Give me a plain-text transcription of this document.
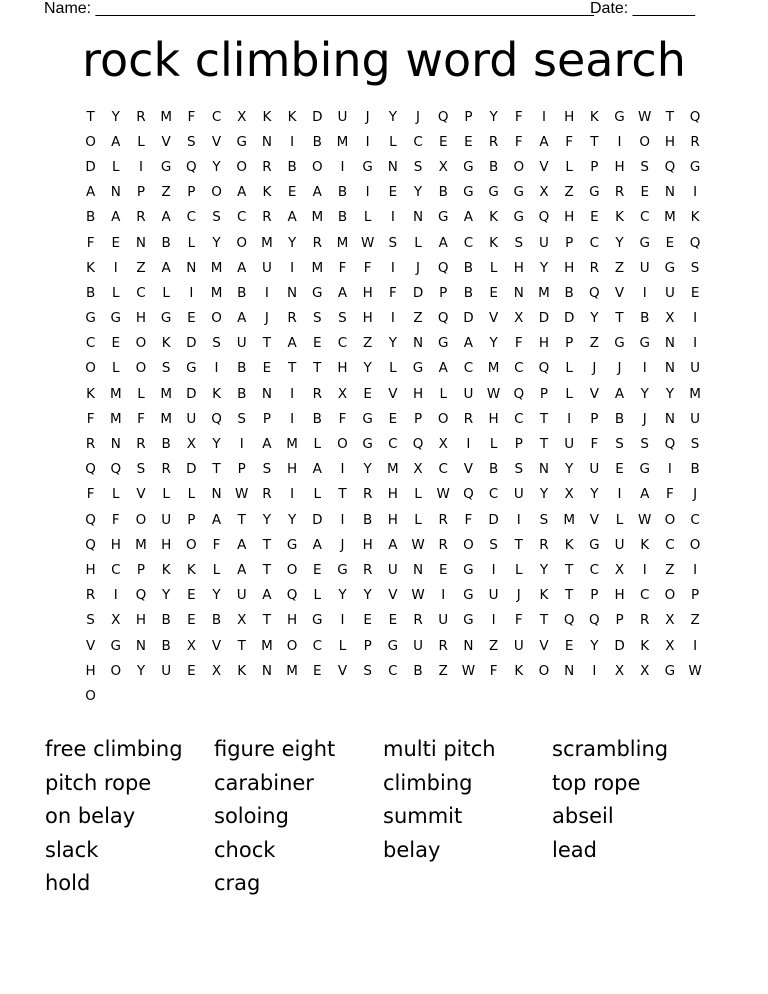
Name: ________________________________________________________
Date: _______
rock climbing word search
T	Y	R	M	F	C	X	K	K	D	U	J	Y	J	Q	P	Y	F	I	H	K	G W	T	Q
O	A	L	V	S	V	G	N	I	B	M	I	L	C	E	E	R	F	A	F	T	I	O	H	R
D	L	I	G	Q	Y	O	R	B	O	I	G	N	S	X	G	B	O	V	L	P	H	S	Q	G
A	N	P	Z	P	O	A	K	E	A	B	I	E	Y	B	G	G	G	X	Z	G	R	E	N	I
B	A	R	A	C	S	C	R	A	M	B	L	I	N	G	A	K	G	Q	H	E	K	C	M	K
F	E	N	B	L	Y	O	M	Y	R	M W	S	L	A	C	K	S	U	P	C	Y	G	E	Q
K	I	Z	A	N	M	A	U	I	M	F	F	I	J	Q	B	L	H	Y	H	R	Z	U	G	S
B	L	C	L	I	M	B	I	N	G	A	H	F	D	P	B	E	N	M	B	Q	V	I	U	E
G	G	H	G	E	O	A	J	R	S	S	H	I	Z	Q	D	V	X	D	D	Y	T	B	X	I
C	E	O	K	D	S	U	T	A	E	C	Z	Y	N	G	A	Y	F	H	P	Z	G	G	N	I
O	L	O	S	G	I	B	E	T	T	H	Y	L	G	A	C	M	C	Q	L	J	J	I	N	U
K	M	L	M	D	K	B	N	I	R	X	E	V	H	L	U	W Q	P	L	V	A	Y	Y	M
F	M	F	M	U	Q	S	P	I	B	F	G	E	P	O	R	H	C	T	I	P	B	J	N	U
R	N	R	B	X	Y	I	A	M	L	O	G	C	Q	X	I	L	P	T	U	F	S	S	Q	S
Q	Q	S	R	D	T	P	S	H	A	I	Y	M	X	C	V	B	S	N	Y	U	E	G	I	B
F	L	V	L	L	N W	R	I	L	T	R	H	L	W Q	C	U	Y	X	Y	I	A	F	J
Q	F	O	U	P	A	T	Y	Y	D	I	B	H	L	R	F	D	I	S	M	V	L	W O	C
Q	H	M	H	O	F	A	T	G	A	J	H	A	W	R	O	S	T	R	K	G	U	K	C	O
H	C	P	K	K	L	A	T	O	E	G	R	U	N	E	G	I	L	Y	T	C	X	I	Z	I
R	I	Q	Y	E	Y	U	A	Q	L	Y	Y	V	W	I	G	U	J	K	T	P	H	C	O	P
S	X	H	B	E	B	X	T	H	G	I	E	E	R	U	G	I	F	T	Q	Q	P	R	X	Z
V	G	N	B	X	V	T	M	O	C	L	P	G	U	R	N	Z	U	V	E	Y	D	K	X	I
H	O	Y	U	E	X	K	N	M	E	V	S	C	B	Z	W	F	K	O	N	I	X	X	G W
O
free climbing	figure eight	multi pitch	scrambling
pitch rope	carabiner	climbing	top rope
on belay	soloing	summit	abseil
slack	chock	belay	lead
hold	crag
